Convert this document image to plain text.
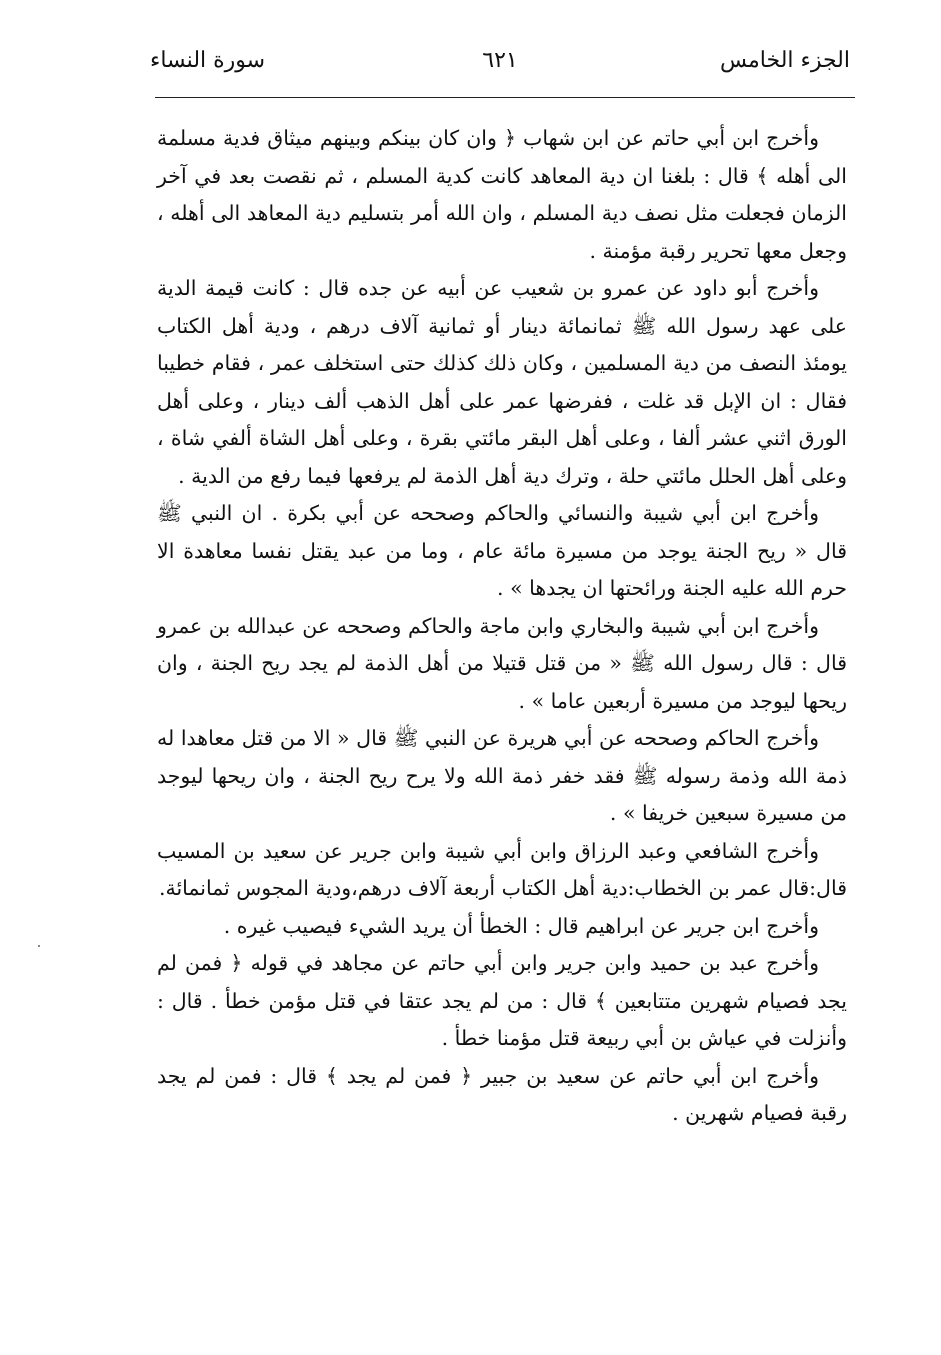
الجزء الخامس
٦٢١
سورة النساء

وأخرج ابن أبي حاتم عن ابن شهاب ﴿ وان كان بينكم وبينهم ميثاق فدية مسلمة الى أهله ﴾ قال : بلغنا ان دية المعاهد كانت كدية المسلم ، ثم نقصت بعد في آخر الزمان فجعلت مثل نصف دية المسلم ، وان الله أمر بتسليم دية المعاهد الى أهله ، وجعل معها تحرير رقبة مؤمنة .

وأخرج أبو داود عن عمرو بن شعيب عن أبيه عن جده قال : كانت قيمة الدية على عهد رسول الله ﷺ ثمانمائة دينار أو ثمانية آلاف درهم ، ودية أهل الكتاب يومئذ النصف من دية المسلمين ، وكان ذلك كذلك حتى استخلف عمر ، فقام خطيبا فقال : ان الإبل قد غلت ، ففرضها عمر على أهل الذهب ألف دينار ، وعلى أهل الورق اثني عشر ألفا ، وعلى أهل البقر مائتي بقرة ، وعلى أهل الشاة ألفي شاة ، وعلى أهل الحلل مائتي حلة ، وترك دية أهل الذمة لم يرفعها فيما رفع من الدية .

وأخرج ابن أبي شيبة والنسائي والحاكم وصححه عن أبي بكرة . ان النبي ﷺ قال « ريح الجنة يوجد من مسيرة مائة عام ، وما من عبد يقتل نفسا معاهدة الا حرم الله عليه الجنة ورائحتها ان يجدها » .

وأخرج ابن أبي شيبة والبخاري وابن ماجة والحاكم وصححه عن عبدالله بن عمرو قال : قال رسول الله ﷺ « من قتل قتيلا من أهل الذمة لم يجد ريح الجنة ، وان ريحها ليوجد من مسيرة أربعين عاما » .

وأخرج الحاكم وصححه عن أبي هريرة عن النبي ﷺ قال « الا من قتل معاهدا له ذمة الله وذمة رسوله ﷺ فقد خفر ذمة الله ولا يرح ريح الجنة ، وان ريحها ليوجد من مسيرة سبعين خريفا » .

وأخرج الشافعي وعبد الرزاق وابن أبي شيبة وابن جرير عن سعيد بن المسيب قال:قال عمر بن الخطاب:دية أهل الكتاب أربعة آلاف درهم،ودية المجوس ثمانمائة.

وأخرج ابن جرير عن ابراهيم قال : الخطأ أن يريد الشيء فيصيب غيره .

وأخرج عبد بن حميد وابن جرير وابن أبي حاتم عن مجاهد في قوله ﴿ فمن لم يجد فصيام شهرين متتابعين ﴾ قال : من لم يجد عتقا في قتل مؤمن خطأ . قال : وأنزلت في عياش بن أبي ربيعة قتل مؤمنا خطأ .

وأخرج ابن أبي حاتم عن سعيد بن جبير ﴿ فمن لم يجد ﴾ قال : فمن لم يجد رقبة فصيام شهرين .
